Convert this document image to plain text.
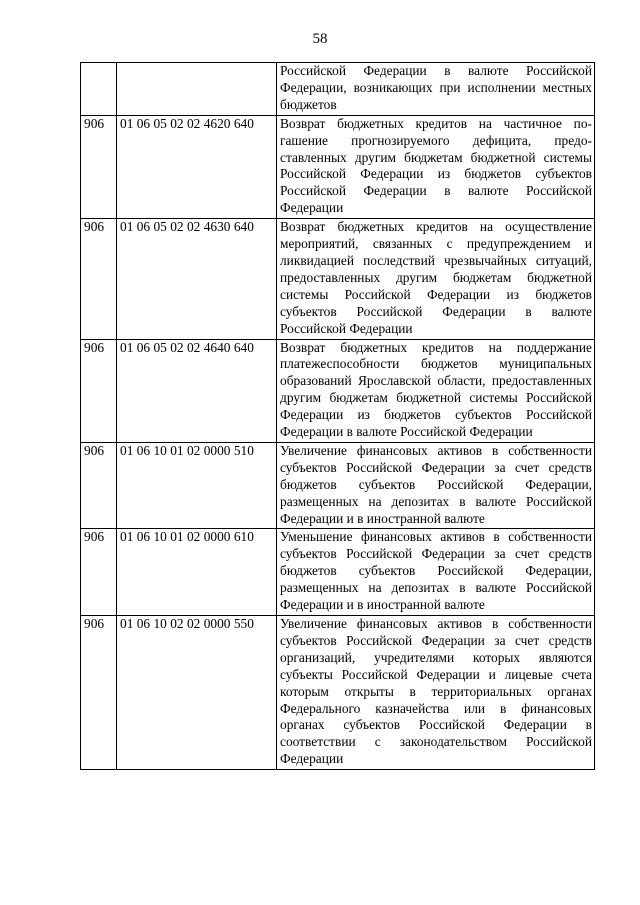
58
		Российской Федерации в валюте Российской Федерации, возникающих при исполнении местных бюджетов
906	01 06 05 02 02 4620 640	Возврат бюджетных кредитов на частичное погашение прогнозируемого дефицита, предоставленных другим бюджетам бюджетной системы Российской Федерации из бюджетов субъектов Российской Федерации в валюте Российской Федерации
906	01 06 05 02 02 4630 640	Возврат бюджетных кредитов на осуществление мероприятий, связанных с предупреждением и ликвидацией последствий чрезвычайных ситуаций, предоставленных другим бюджетам бюджетной системы Российской Федерации из бюджетов субъектов Российской Федерации в валюте Российской Федерации
906	01 06 05 02 02 4640 640	Возврат бюджетных кредитов на поддержание платежеспособности бюджетов муниципальных образований Ярославской области, предоставленных другим бюджетам бюджетной системы Российской Федерации из бюджетов субъектов Российской Федерации в валюте Российской Федерации
906	01 06 10 01 02 0000 510	Увеличение финансовых активов в собственности субъектов Российской Федерации за счет средств бюджетов субъектов Российской Федерации, размещенных на депозитах в валюте Российской Федерации и в иностранной валюте
906	01 06 10 01 02 0000 610	Уменьшение финансовых активов в собственности субъектов Российской Федерации за счет средств бюджетов субъектов Российской Федерации, размещенных на депозитах в валюте Российской Федерации и в иностранной валюте
906	01 06 10 02 02 0000 550	Увеличение финансовых активов в собственности субъектов Российской Федерации за счет средств организаций, учредителями которых являются субъекты Российской Федерации и лицевые счета которым открыты в территориальных органах Федерального казначейства или в финансовых органах субъектов Российской Федерации в соответствии с законодательством Российской Федерации
